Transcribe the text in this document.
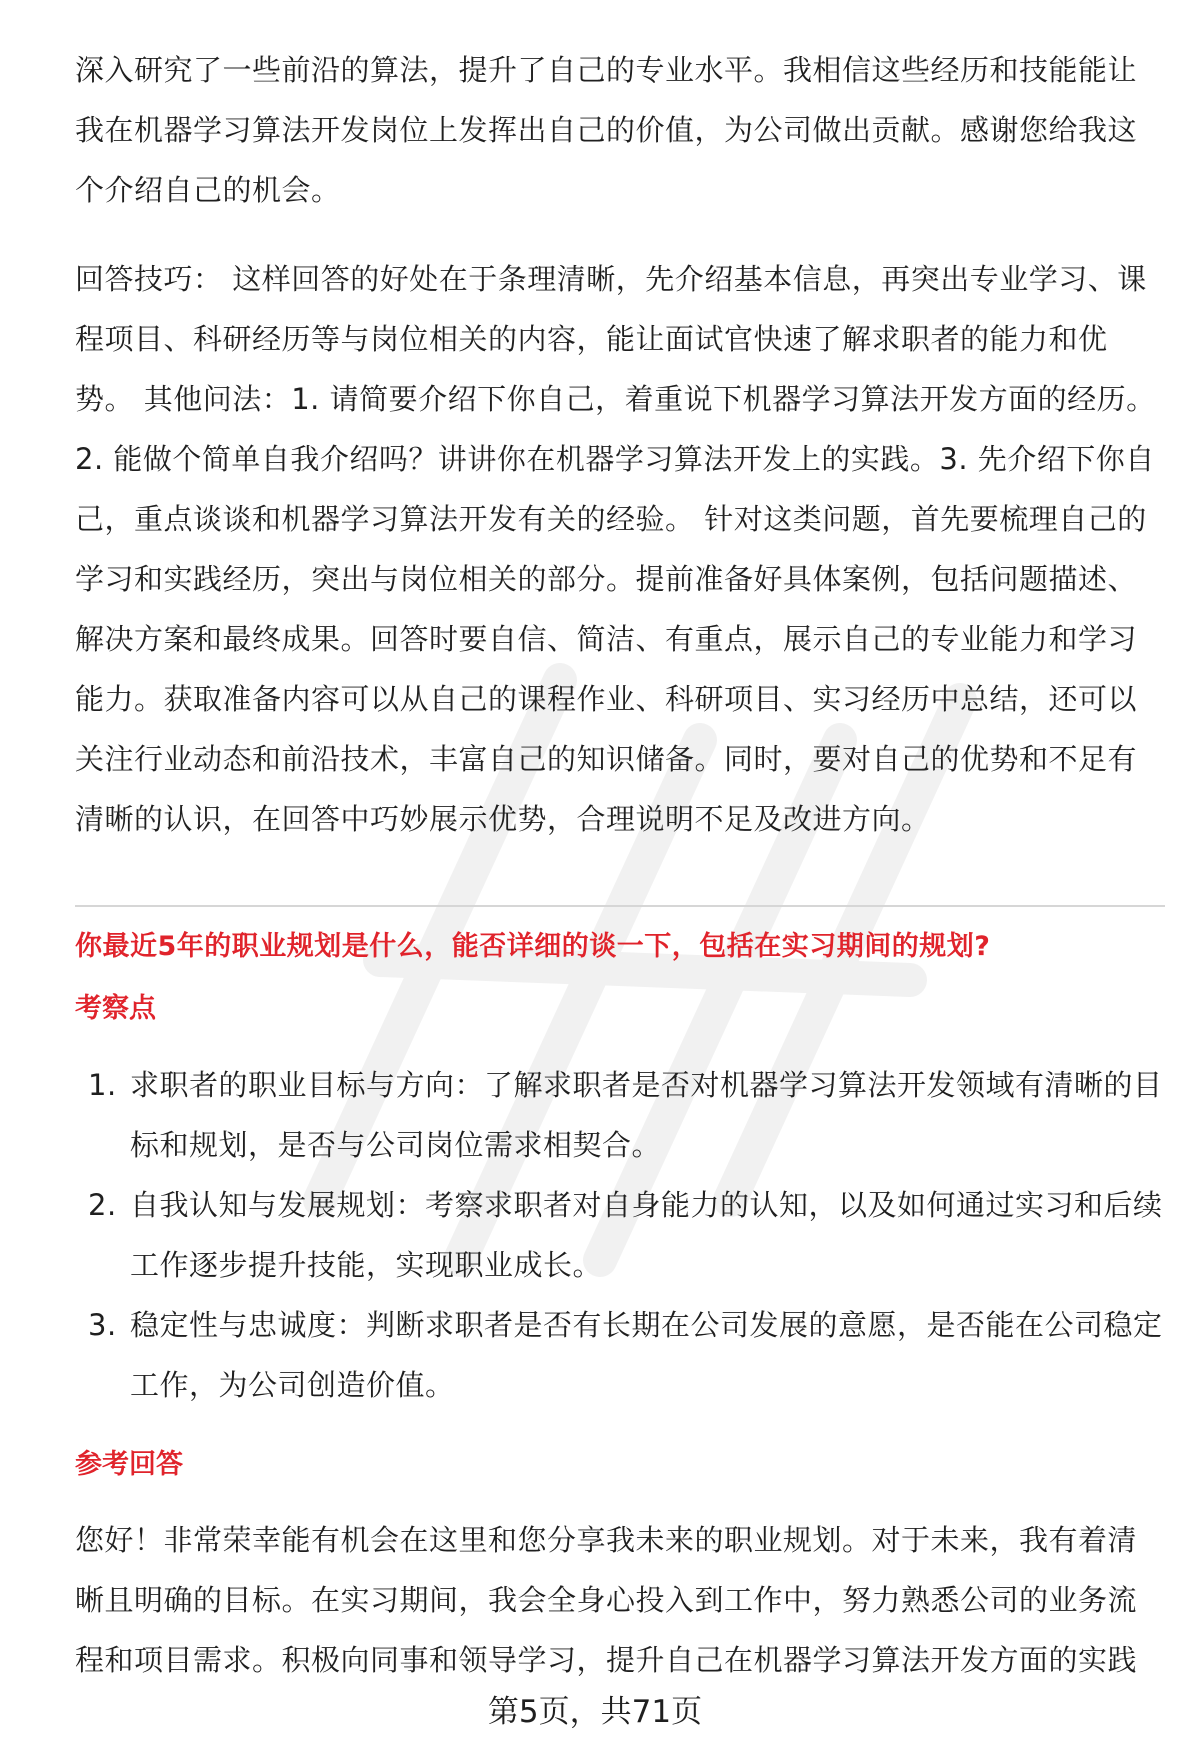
深入研究了一些前沿的算法，提升了自己的专业水平。我相信这些经历和技能能让我在机器学习算法开发岗位上发挥出自己的价值，为公司做出贡献。感谢您给我这个介绍自己的机会。

回答技巧： 这样回答的好处在于条理清晰，先介绍基本信息，再突出专业学习、课程项目、科研经历等与岗位相关的内容，能让面试官快速了解求职者的能力和优势。 其他问法：1. 请简要介绍下你自己，着重说下机器学习算法开发方面的经历。2. 能做个简单自我介绍吗？讲讲你在机器学习算法开发上的实践。3. 先介绍下你自己，重点谈谈和机器学习算法开发有关的经验。 针对这类问题，首先要梳理自己的学习和实践经历，突出与岗位相关的部分。提前准备好具体案例，包括问题描述、解决方案和最终成果。回答时要自信、简洁、有重点，展示自己的专业能力和学习能力。获取准备内容可以从自己的课程作业、科研项目、实习经历中总结，还可以关注行业动态和前沿技术，丰富自己的知识储备。同时，要对自己的优势和不足有清晰的认识，在回答中巧妙展示优势，合理说明不足及改进方向。

你最近5年的职业规划是什么，能否详细的谈一下，包括在实习期间的规划?

考察点

1. 求职者的职业目标与方向：了解求职者是否对机器学习算法开发领域有清晰的目标和规划，是否与公司岗位需求相契合。
2. 自我认知与发展规划：考察求职者对自身能力的认知，以及如何通过实习和后续工作逐步提升技能，实现职业成长。
3. 稳定性与忠诚度：判断求职者是否有长期在公司发展的意愿，是否能在公司稳定工作，为公司创造价值。

参考回答

您好！非常荣幸能有机会在这里和您分享我未来的职业规划。对于未来，我有着清晰且明确的目标。在实习期间，我会全身心投入到工作中，努力熟悉公司的业务流程和项目需求。积极向同事和领导学习，提升自己在机器学习算法开发方面的实践

第5页，共71页
